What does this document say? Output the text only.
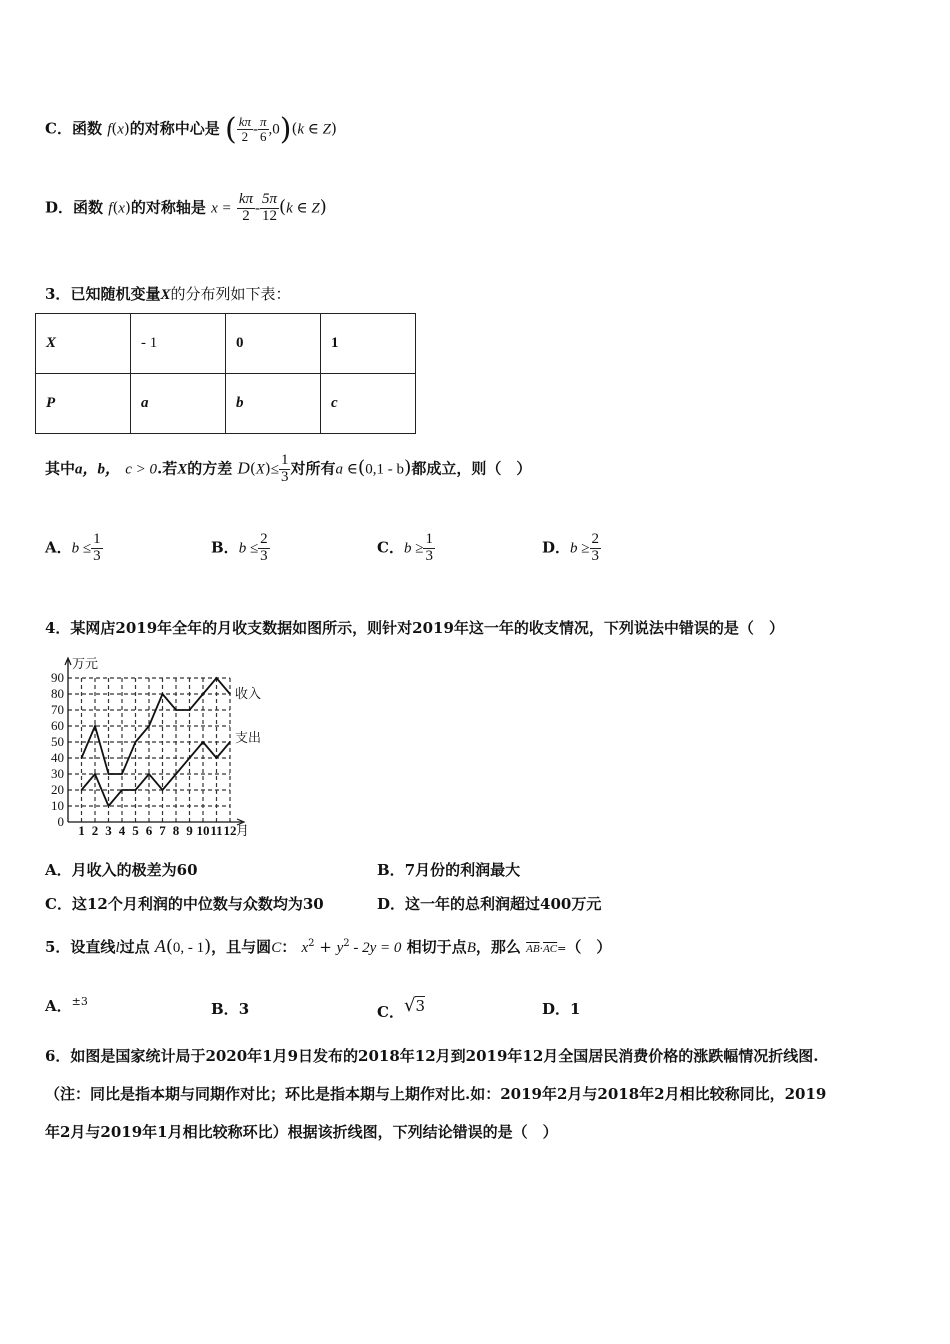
C．函数 f(x)的对称中心是 ( $\frac{k\pi}{2} - \frac{\pi}{6} ,0)(k$ ∈ Z)
D．函数 f(x)的对称轴是 $x = \frac{k\pi}{2} - \frac{5\pi}{12} (k$ ∈ Z)
3．已知随机变量X的分布列如下表：
X	- 1	0	1
P	a	b	c
其中a，b， c > 0.若X的方差 $D(X)\le \frac{1}{3}$ 对所有a ∈(0,1 - b)都成立，则（　）
A．$b \le \frac{1}{3}$	B．$b \le \frac{2}{3}$	C．$b \ge \frac{1}{3}$	D．$b \ge \frac{2}{3}$
4．某网店2019年全年的月收支数据如图所示，则针对2019年这一年的收支情况，下列说法中错误的是（　）
0
10
20
30
40
50
60
70
80
90
1 2 3 4 5 6 7 8 9 10 11 12
万元
月
收入
支出
A．月收入的极差为60	B．7月份的利润最大
C．这12个月利润的中位数与众数均为30	D．这一年的总利润超过400万元
5．设直线l过点 A(0, - 1)，且与圆C： $x^2 + y^2 - 2y = 0$ 相切于点B，那么 $\overline{AB}\cdot\overline{AC}=$（　）
A．$^{\pm 3}$	B．3	C．√3	D．1
6．如图是国家统计局于2020年1月9日发布的2018年12月到2019年12月全国居民消费价格的涨跌幅情况折线图.
（注：同比是指本期与同期作对比；环比是指本期与上期作对比.如：2019年2月与2018年2月相比较称同比，2019
年2月与2019年1月相比较称环比）根据该折线图，下列结论错误的是（　）
